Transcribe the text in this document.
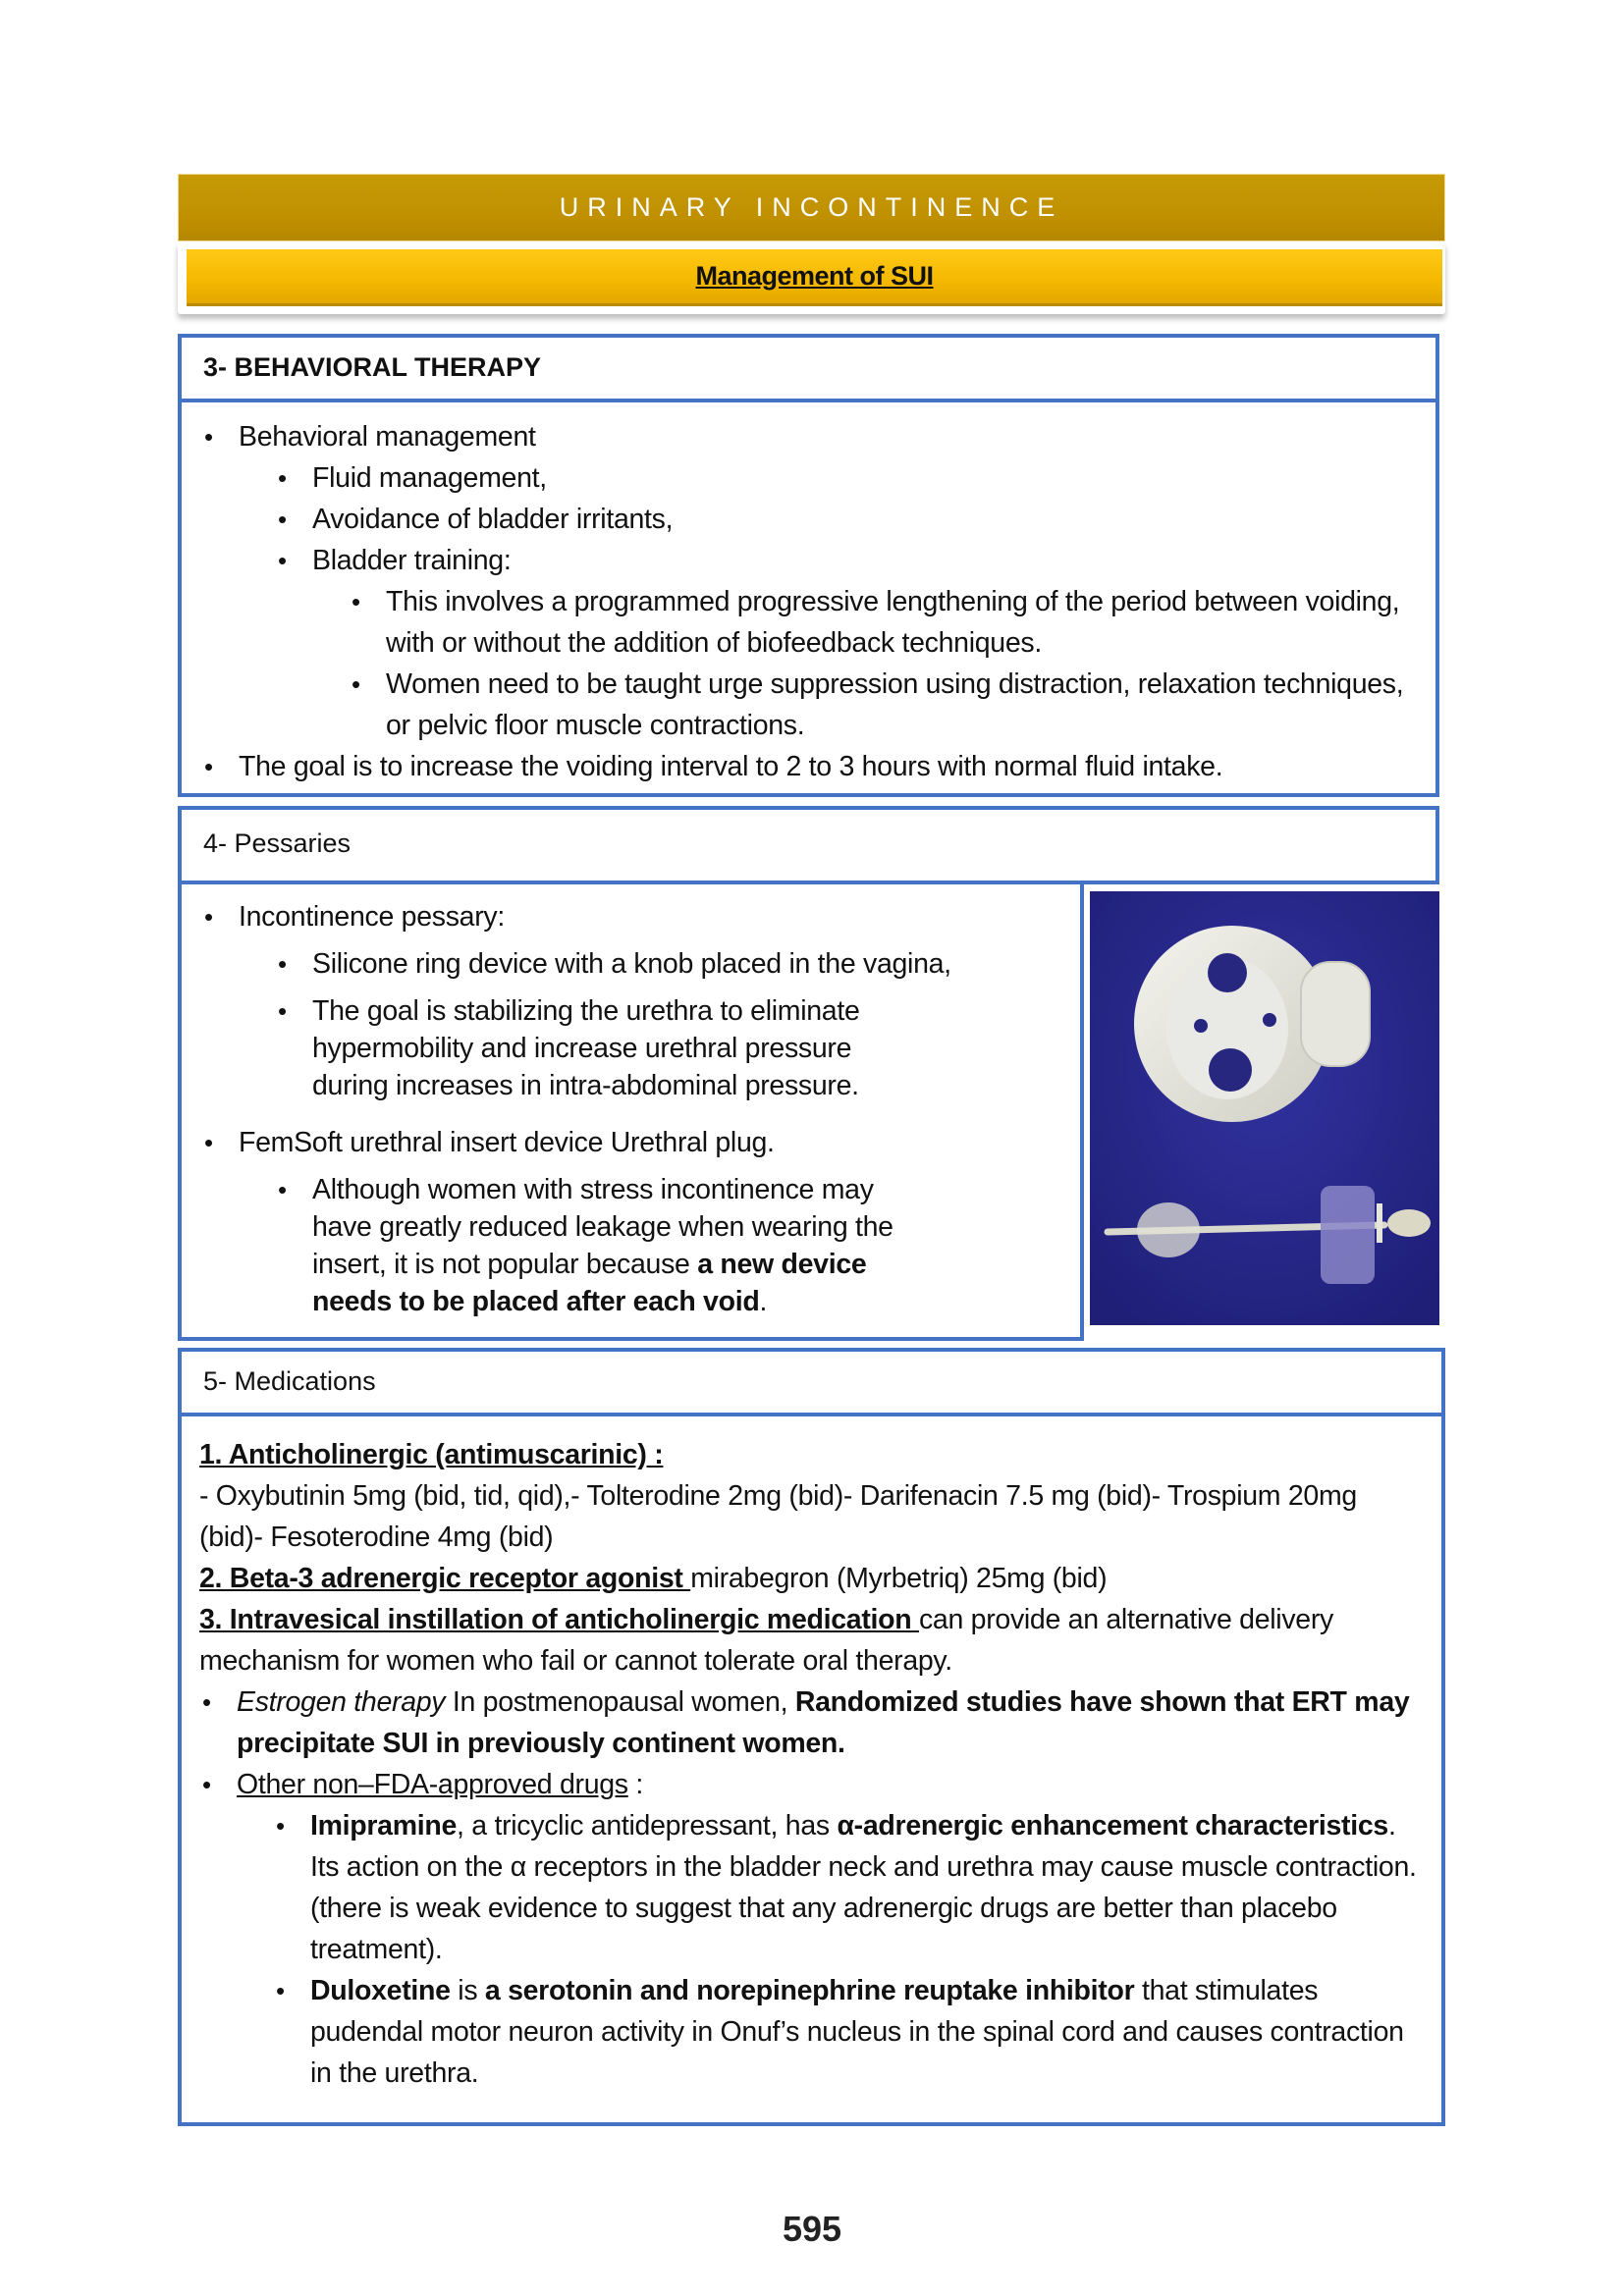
URINARY INCONTINENCE
Management of SUI
3- BEHAVIORAL THERAPY
• Behavioral management
• Fluid management,
• Avoidance of bladder irritants,
• Bladder training:
• This involves a programmed progressive lengthening of the period between voiding, with or without the addition of biofeedback techniques.
• Women need to be taught urge suppression using distraction, relaxation techniques, or pelvic floor muscle contractions.
• The goal is to increase the voiding interval to 2 to 3 hours with normal fluid intake.
4- Pessaries
• Incontinence pessary:
• Silicone ring device with a knob placed in the vagina,
• The goal is stabilizing the urethra to eliminate hypermobility and increase urethral pressure during increases in intra-abdominal pressure.
• FemSoft urethral insert device Urethral plug.
• Although women with stress incontinence may have greatly reduced leakage when wearing the insert, it is not popular because a new device needs to be placed after each void.
5- Medications
1. Anticholinergic (antimuscarinic) :
- Oxybutinin 5mg (bid, tid, qid),- Tolterodine 2mg (bid)- Darifenacin 7.5 mg (bid)- Trospium 20mg (bid)- Fesoterodine 4mg (bid)
2. Beta-3 adrenergic receptor agonist mirabegron (Myrbetriq) 25mg (bid)
3. Intravesical instillation of anticholinergic medication can provide an alternative delivery mechanism for women who fail or cannot tolerate oral therapy.
• Estrogen therapy In postmenopausal women, Randomized studies have shown that ERT may precipitate SUI in previously continent women.
• Other non–FDA-approved drugs :
• Imipramine, a tricyclic antidepressant, has α-adrenergic enhancement characteristics. Its action on the α receptors in the bladder neck and urethra may cause muscle contraction. (there is weak evidence to suggest that any adrenergic drugs are better than placebo treatment).
• Duloxetine is a serotonin and norepinephrine reuptake inhibitor that stimulates pudendal motor neuron activity in Onuf’s nucleus in the spinal cord and causes contraction in the urethra.
595
